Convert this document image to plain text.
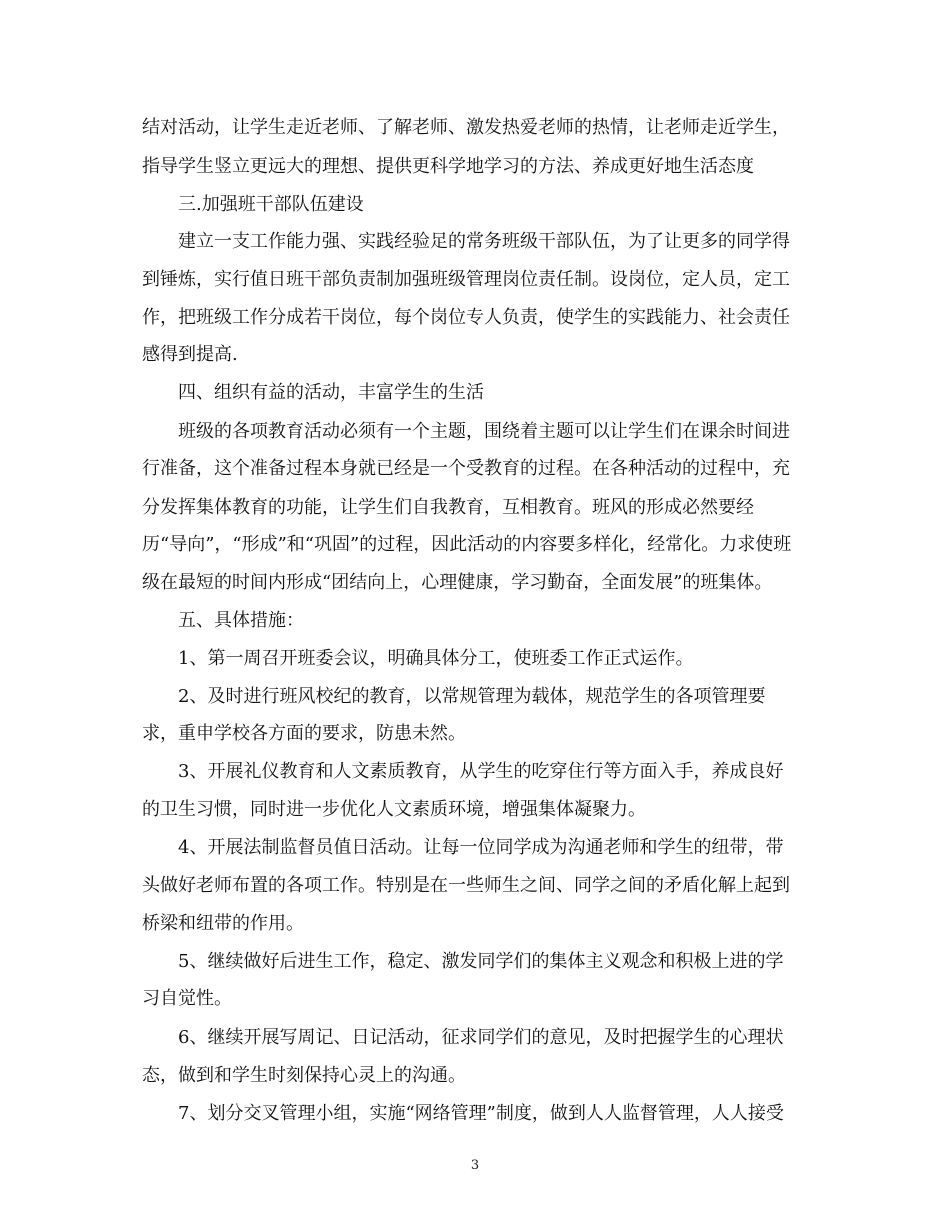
结对活动，让学生走近老师、了解老师、激发热爱老师的热情，让老师走近学生，
指导学生竖立更远大的理想、提供更科学地学习的方法、养成更好地生活态度
三.加强班干部队伍建设
建立一支工作能力强、实践经验足的常务班级干部队伍，为了让更多的同学得
到锤炼，实行值日班干部负责制加强班级管理岗位责任制。设岗位，定人员，定工
作，把班级工作分成若干岗位，每个岗位专人负责，使学生的实践能力、社会责任
感得到提高.
四、组织有益的活动，丰富学生的生活
班级的各项教育活动必须有一个主题，围绕着主题可以让学生们在课余时间进
行准备，这个准备过程本身就已经是一个受教育的过程。在各种活动的过程中，充
分发挥集体教育的功能，让学生们自我教育，互相教育。班风的形成必然要经
历“导向”，“形成”和“巩固”的过程，因此活动的内容要多样化，经常化。力求使班
级在最短的时间内形成“团结向上，心理健康，学习勤奋，全面发展”的班集体。
五、具体措施：
1、第一周召开班委会议，明确具体分工，使班委工作正式运作。
2、及时进行班风校纪的教育，以常规管理为载体，规范学生的各项管理要
求，重申学校各方面的要求，防患未然。
3、开展礼仪教育和人文素质教育，从学生的吃穿住行等方面入手，养成良好
的卫生习惯，同时进一步优化人文素质环境，增强集体凝聚力。
4、开展法制监督员值日活动。让每一位同学成为沟通老师和学生的纽带，带
头做好老师布置的各项工作。特别是在一些师生之间、同学之间的矛盾化解上起到
桥梁和纽带的作用。
5、继续做好后进生工作，稳定、激发同学们的集体主义观念和积极上进的学
习自觉性。
6、继续开展写周记、日记活动，征求同学们的意见，及时把握学生的心理状
态，做到和学生时刻保持心灵上的沟通。
7、划分交叉管理小组，实施“网络管理”制度，做到人人监督管理，人人接受
3
